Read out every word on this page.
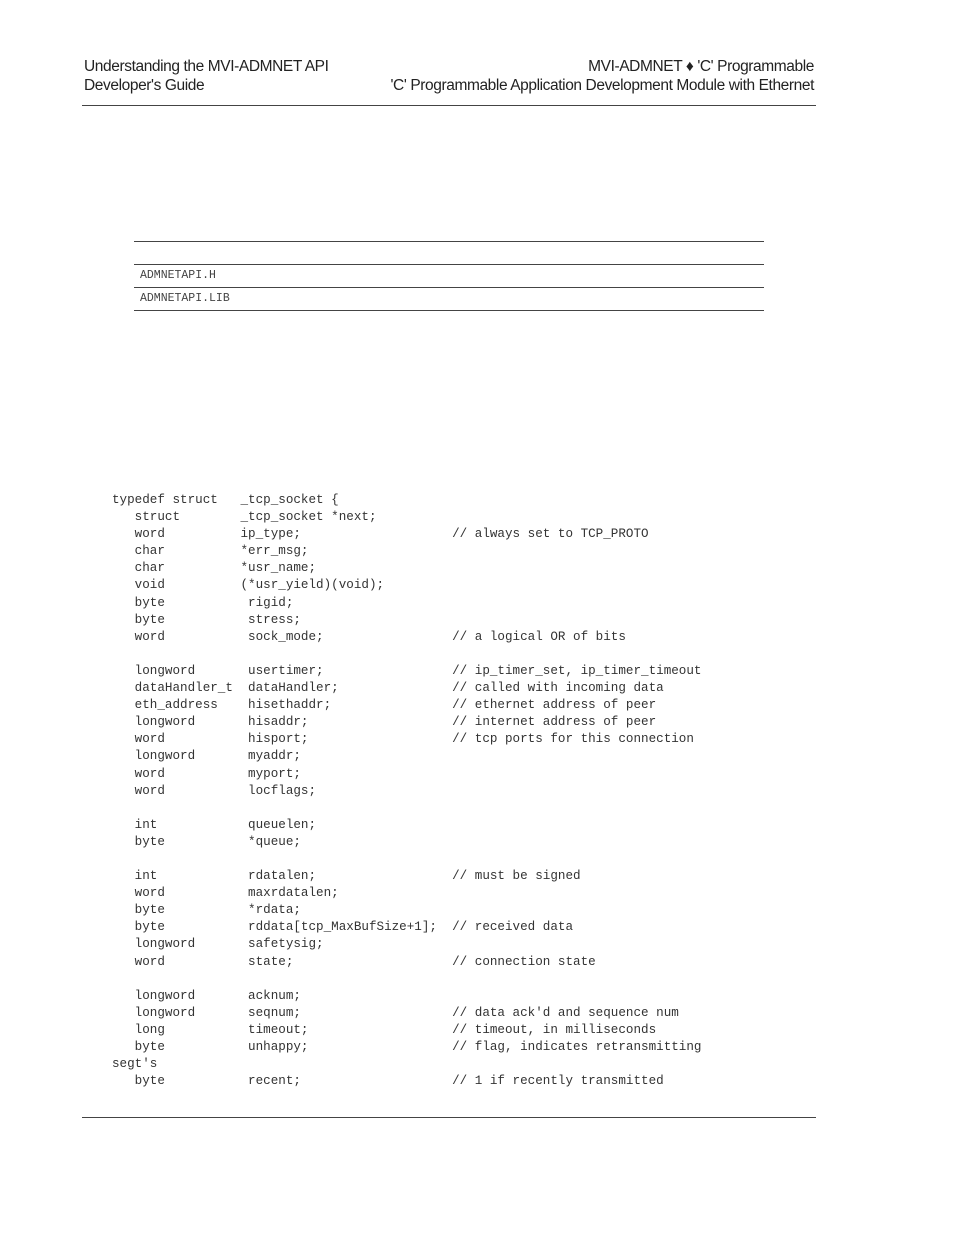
Understanding the MVI-ADMNET API
Developer's Guide
MVI-ADMNET ♦ 'C' Programmable
'C' Programmable Application Development Module with Ethernet
ADMNETAPI.H
ADMNETAPI.LIB
typedef struct   _tcp_socket {
struct        _tcp_socket *next;
word          ip_type;                    // always set to TCP_PROTO
char          *err_msg;
char          *usr_name;
void          (*usr_yield)(void);
byte           rigid;
byte           stress;
word           sock_mode;                 // a logical OR of bits
longword       usertimer;                 // ip_timer_set, ip_timer_timeout
dataHandler_t  dataHandler;               // called with incoming data
eth_address    hisethaddr;                // ethernet address of peer
longword       hisaddr;                   // internet address of peer
word           hisport;                   // tcp ports for this connection
longword       myaddr;
word           myport;
word           locflags;
int            queuelen;
byte           *queue;
int            rdatalen;                  // must be signed
word           maxrdatalen;
byte           *rdata;
byte           rddata[tcp_MaxBufSize+1];  // received data
longword       safetysig;
word           state;                     // connection state
longword       acknum;
longword       seqnum;                    // data ack'd and sequence num
long           timeout;                   // timeout, in milliseconds
byte           unhappy;                   // flag, indicates retransmitting
segt's
byte           recent;                    // 1 if recently transmitted
